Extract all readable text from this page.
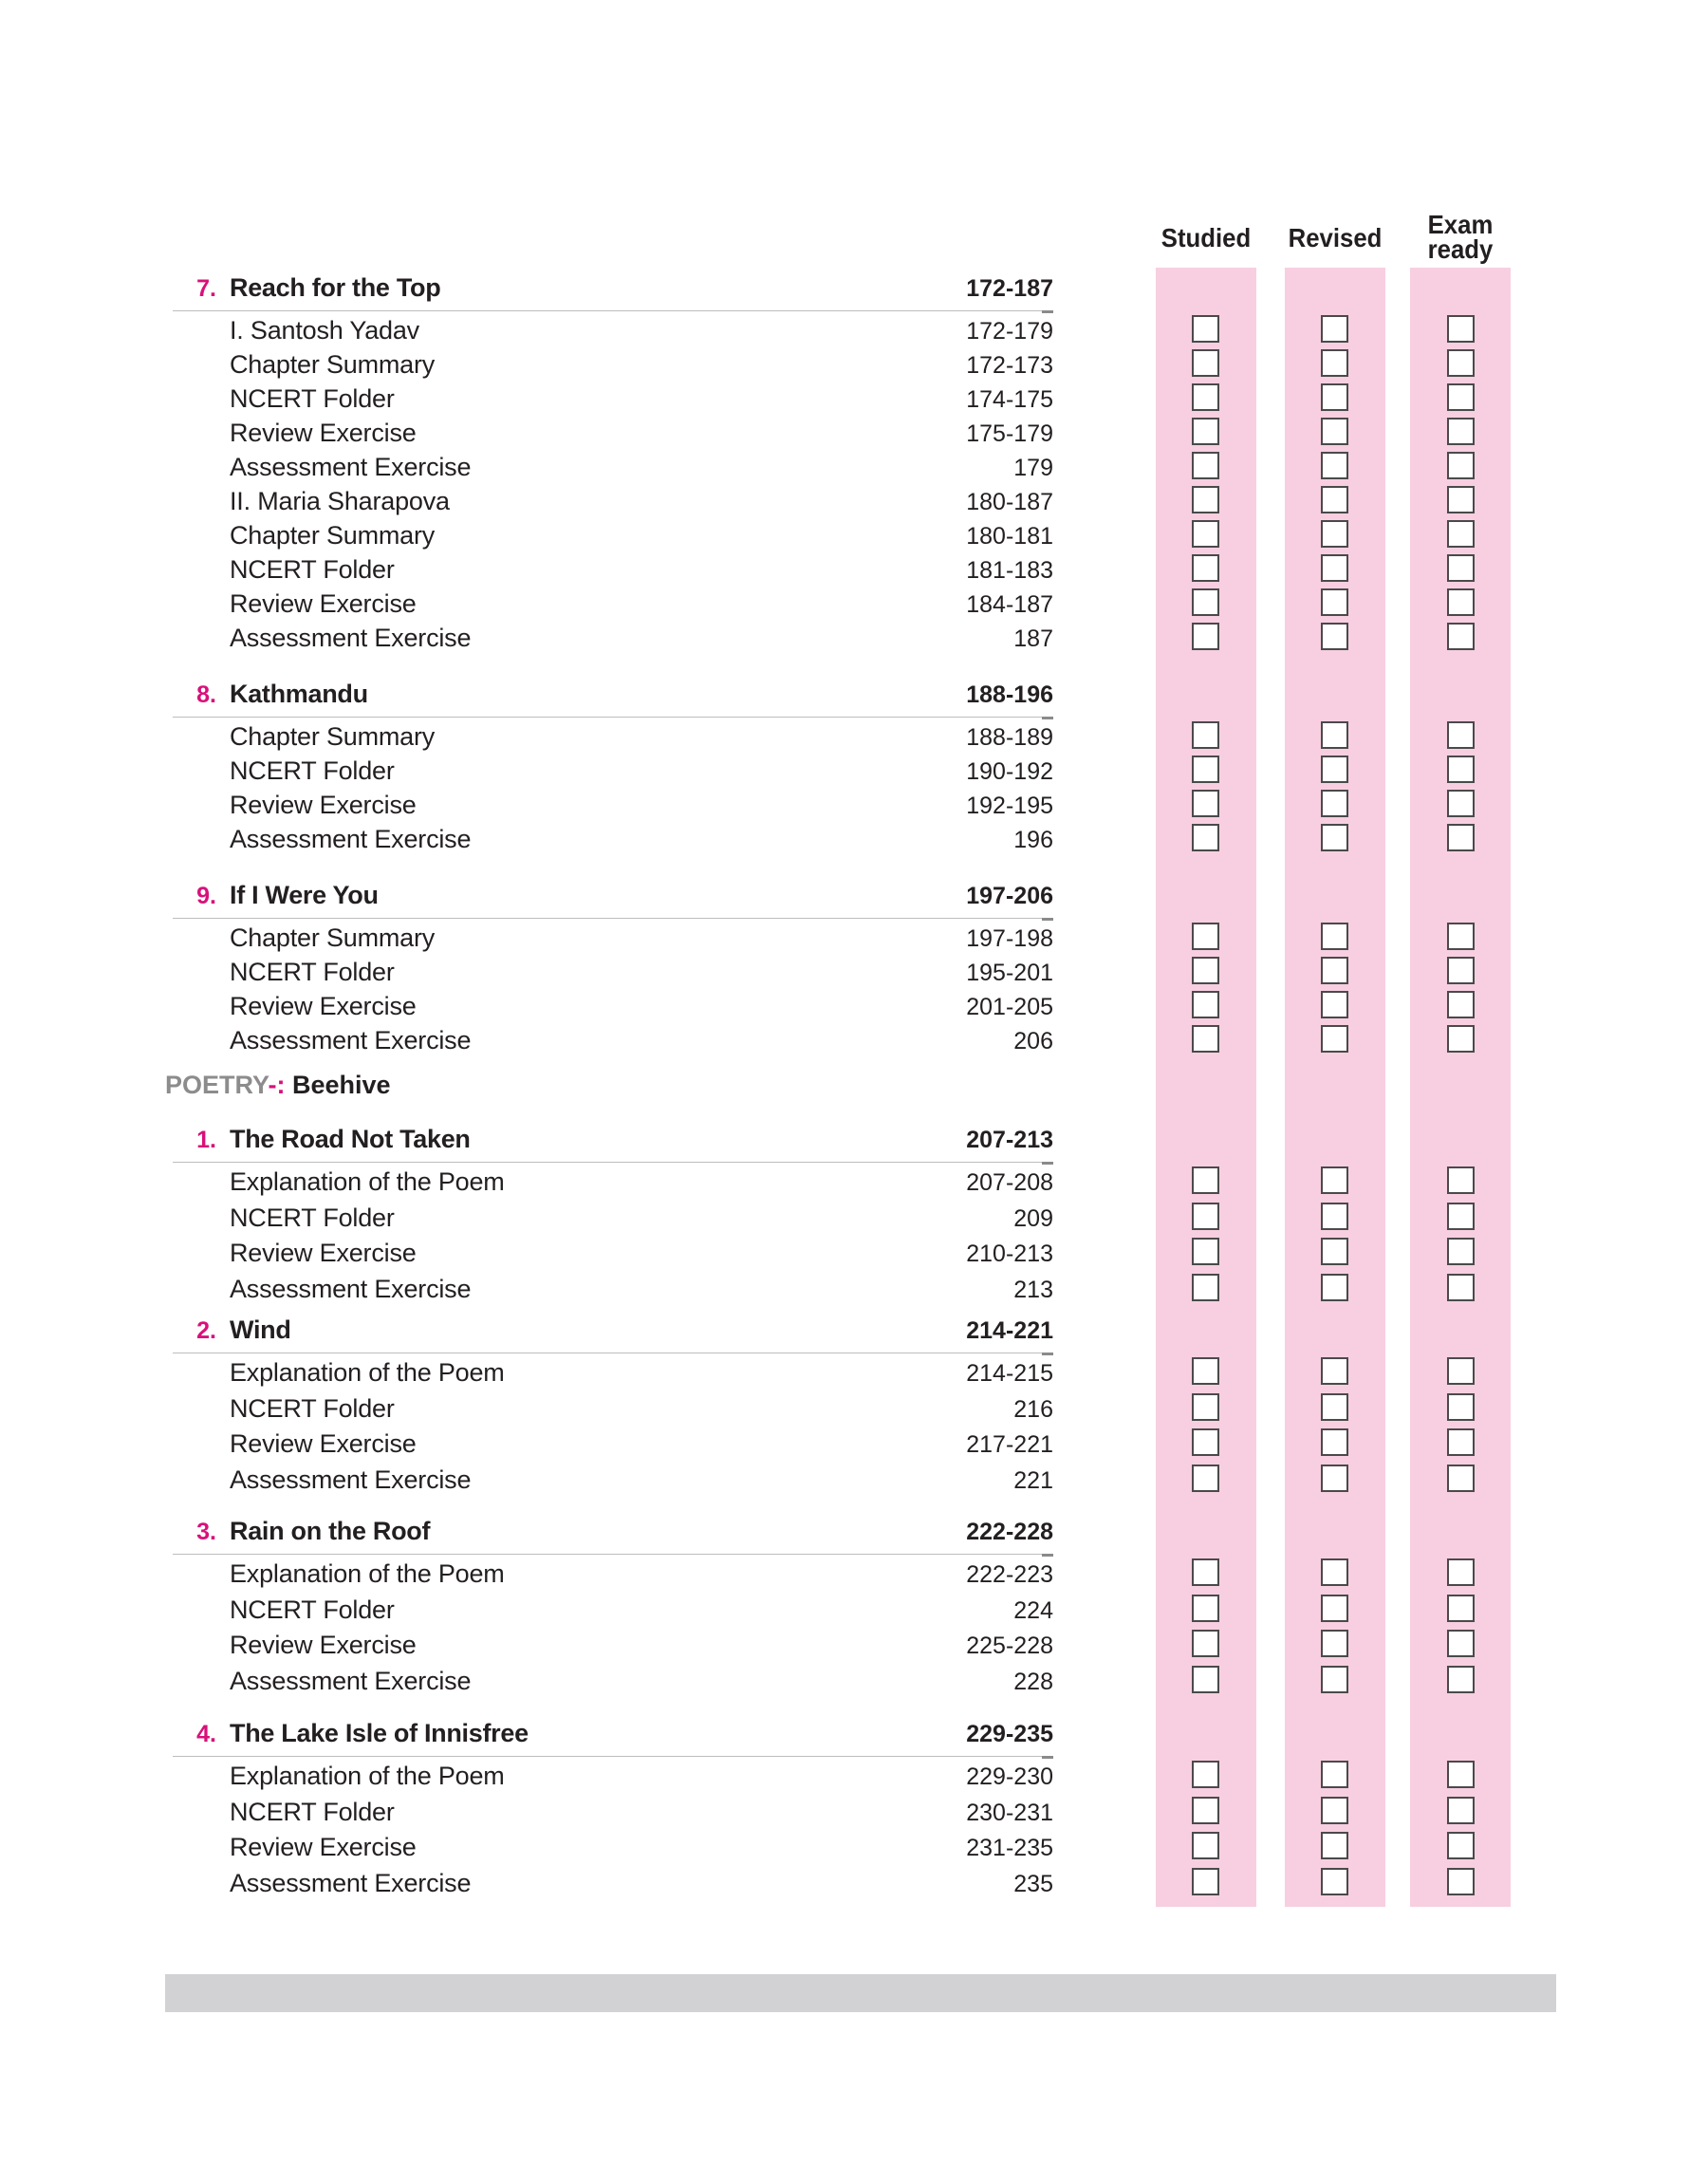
Studied	Revised	Exam ready
POETRY-: Beehive
7. Reach for the Top	172-187
I. Santosh Yadav	172-179
Chapter Summary	172-173
NCERT Folder	174-175
Review Exercise	175-179
Assessment Exercise	179
II. Maria Sharapova	180-187
Chapter Summary	180-181
NCERT Folder	181-183
Review Exercise	184-187
Assessment Exercise	187
8. Kathmandu	188-196
Chapter Summary	188-189
NCERT Folder	190-192
Review Exercise	192-195
Assessment Exercise	196
9. If I Were You	197-206
Chapter Summary	197-198
NCERT Folder	195-201
Review Exercise	201-205
Assessment Exercise	206
1. The Road Not Taken	207-213
Explanation of the Poem	207-208
NCERT Folder	209
Review Exercise	210-213
Assessment Exercise	213
2. Wind	214-221
Explanation of the Poem	214-215
NCERT Folder	216
Review Exercise	217-221
Assessment Exercise	221
3. Rain on the Roof	222-228
Explanation of the Poem	222-223
NCERT Folder	224
Review Exercise	225-228
Assessment Exercise	228
4. The Lake Isle of Innisfree	229-235
Explanation of the Poem	229-230
NCERT Folder	230-231
Review Exercise	231-235
Assessment Exercise	235
